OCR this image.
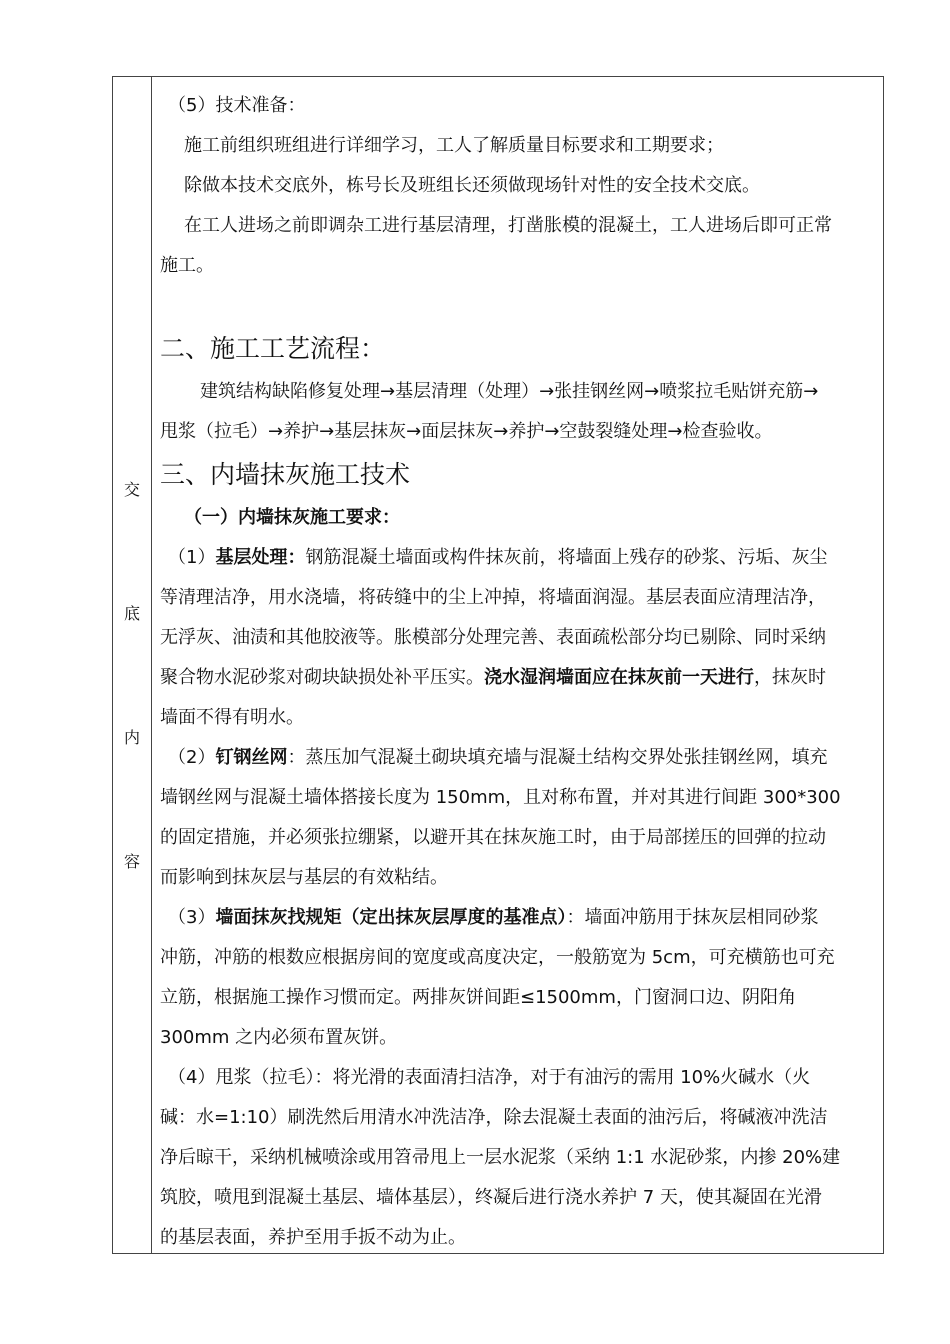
交
底
内
容
（5）技术准备：
施工前组织班组进行详细学习，工人了解质量目标要求和工期要求；
除做本技术交底外，栋号长及班组长还须做现场针对性的安全技术交底。
在工人进场之前即调杂工进行基层清理，打凿胀模的混凝土，工人进场后即可正常
施工。
二、施工工艺流程：
建筑结构缺陷修复处理→基层清理（处理）→张挂钢丝网→喷浆拉毛贴饼充筋→
甩浆（拉毛）→养护→基层抹灰→面层抹灰→养护→空鼓裂缝处理→检查验收。
三、内墙抹灰施工技术
（一）内墙抹灰施工要求：
（1）基层处理：钢筋混凝土墙面或构件抹灰前，将墙面上残存的砂浆、污垢、灰尘
等清理洁净，用水浇墙，将砖缝中的尘上冲掉，将墙面润湿。基层表面应清理洁净，
无浮灰、油渍和其他胶液等。胀模部分处理完善、表面疏松部分均已剔除、同时采纳
聚合物水泥砂浆对砌块缺损处补平压实。浇水湿润墙面应在抹灰前一天进行，抹灰时
墙面不得有明水。
（2）钉钢丝网：蒸压加气混凝土砌块填充墙与混凝土结构交界处张挂钢丝网，填充
墙钢丝网与混凝土墙体搭接长度为 150mm，且对称布置，并对其进行间距 300*300
的固定措施，并必须张拉绷紧，以避开其在抹灰施工时，由于局部搓压的回弹的拉动
而影响到抹灰层与基层的有效粘结。
（3）墙面抹灰找规矩（定出抹灰层厚度的基准点）：墙面冲筋用于抹灰层相同砂浆
冲筋，冲筋的根数应根据房间的宽度或高度决定，一般筋宽为 5cm，可充横筋也可充
立筋，根据施工操作习惯而定。两排灰饼间距≤1500mm，门窗洞口边、阴阳角
300mm 之内必须布置灰饼。
（4）甩浆（拉毛）：将光滑的表面清扫洁净，对于有油污的需用 10%火碱水（火
碱：水=1:10）刷洗然后用清水冲洗洁净，除去混凝土表面的油污后，将碱液冲洗洁
净后晾干，采纳机械喷涂或用笤帚甩上一层水泥浆（采纳 1:1 水泥砂浆，内掺 20%建
筑胶，喷甩到混凝土基层、墙体基层），终凝后进行浇水养护 7 天，使其凝固在光滑
的基层表面，养护至用手扳不动为止。
